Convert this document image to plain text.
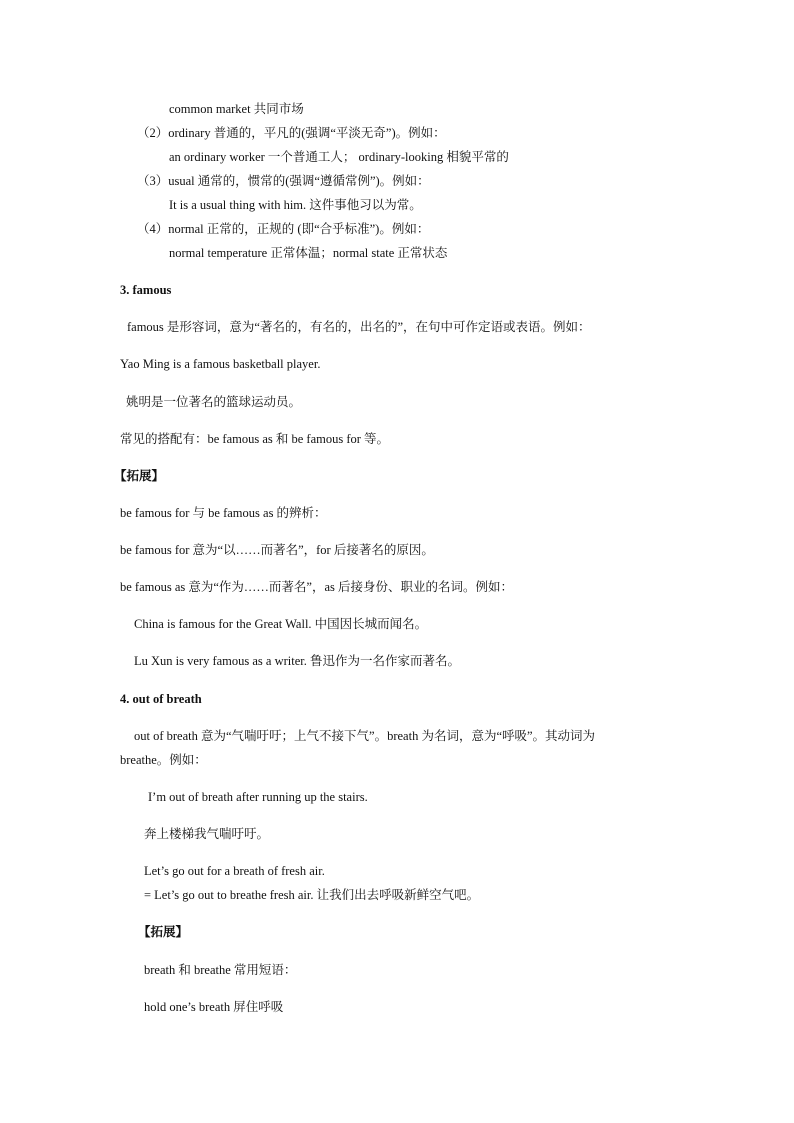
common market 共同市场
（2）ordinary 普通的，平凡的(强调“平淡无奇”)。例如：
an ordinary worker 一个普通工人； ordinary-looking 相貌平常的
（3）usual 通常的，惯常的(强调“遵循常例”)。例如：
It is a usual thing with him. 这件事他习以为常。
（4）normal 正常的，正规的 (即“合乎标准”)。例如：
normal temperature 正常体温；normal state 正常状态
3. famous
famous 是形容词，意为“著名的，有名的，出名的”，在句中可作定语或表语。例如：
Yao Ming is a famous basketball player.
姚明是一位著名的篮球运动员。
常见的搭配有：be famous as 和 be famous for 等。
【拓展】
be famous for 与 be famous as 的辨析：
be famous for 意为“以……而著名”，for 后接著名的原因。
be famous as 意为“作为……而著名”，as 后接身份、职业的名词。例如：
China is famous for the Great Wall. 中国因长城而闻名。
Lu Xun is very famous as a writer. 鲁迅作为一名作家而著名。
4. out of breath
out of breath 意为“气喘吁吁；上气不接下气”。breath 为名词，意为“呼吸”。其动词为
breathe。例如：
I’m out of breath after running up the stairs.
奔上楼梯我气喘吁吁。
Let’s go out for a breath of fresh air.
= Let’s go out to breathe fresh air. 让我们出去呼吸新鲜空气吧。
【拓展】
breath 和 breathe 常用短语：
hold one’s breath 屏住呼吸
